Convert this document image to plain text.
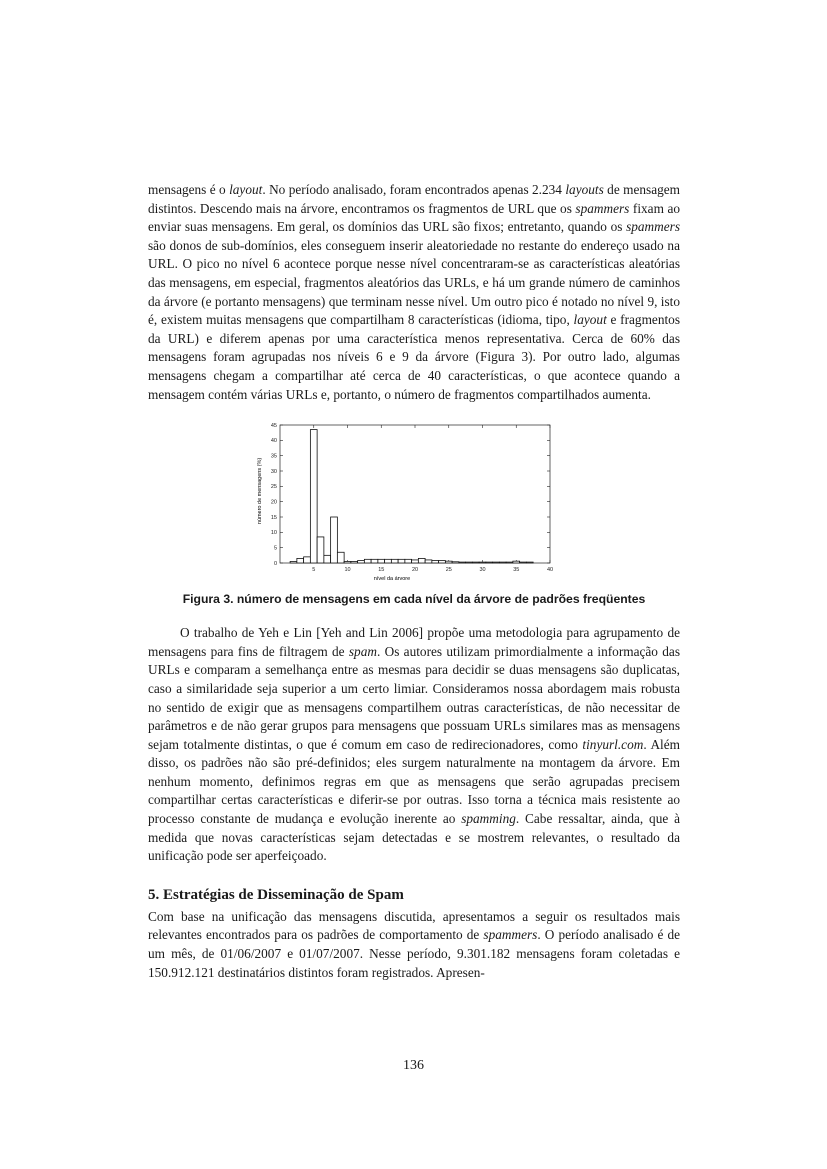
mensagens é o layout. No período analisado, foram encontrados apenas 2.234 layouts de mensagem distintos. Descendo mais na árvore, encontramos os fragmentos de URL que os spammers fixam ao enviar suas mensagens. Em geral, os domínios das URL são fixos; entretanto, quando os spammers são donos de sub-domínios, eles conseguem inserir aleatoriedade no restante do endereço usado na URL. O pico no nível 6 acontece porque nesse nível concentraram-se as características aleatórias das mensagens, em especial, fragmentos aleatórios das URLs, e há um grande número de caminhos da árvore (e portanto mensagens) que terminam nesse nível. Um outro pico é notado no nível 9, isto é, existem muitas mensagens que compartilham 8 características (idioma, tipo, layout e fragmentos da URL) e diferem apenas por uma característica menos representativa. Cerca de 60% das mensagens foram agrupadas nos níveis 6 e 9 da árvore (Figura 3). Por outro lado, algumas mensagens chegam a compartilhar até cerca de 40 características, o que acontece quando a mensagem contém várias URLs e, portanto, o número de fragmentos compartilhados aumenta.

0
5
10
15
20
25
30
35
40
45
5	10	15	20	25	30	35	40
número de mensagens (%)
nível da árvore
Figura 3. número de mensagens em cada nível da árvore de padrões freqüentes

O trabalho de Yeh e Lin [Yeh and Lin 2006] propõe uma metodologia para agrupamento de mensagens para fins de filtragem de spam. Os autores utilizam primordialmente a informação das URLs e comparam a semelhança entre as mesmas para decidir se duas mensagens são duplicatas, caso a similaridade seja superior a um certo limiar. Consideramos nossa abordagem mais robusta no sentido de exigir que as mensagens compartilhem outras características, de não necessitar de parâmetros e de não gerar grupos para mensagens que possuam URLs similares mas as mensagens sejam totalmente distintas, o que é comum em caso de redirecionadores, como tinyurl.com. Além disso, os padrões não são pré-definidos; eles surgem naturalmente na montagem da árvore. Em nenhum momento, definimos regras em que as mensagens que serão agrupadas precisem compartilhar certas características e diferir-se por outras. Isso torna a técnica mais resistente ao processo constante de mudança e evolução inerente ao spamming. Cabe ressaltar, ainda, que à medida que novas características sejam detectadas e se mostrem relevantes, o resultado da unificação pode ser aperfeiçoado.

5. Estratégias de Disseminação de Spam

Com base na unificação das mensagens discutida, apresentamos a seguir os resultados mais relevantes encontrados para os padrões de comportamento de spammers. O período analisado é de um mês, de 01/06/2007 e 01/07/2007. Nesse período, 9.301.182 mensagens foram coletadas e 150.912.121 destinatários distintos foram registrados. Apresen-

136
